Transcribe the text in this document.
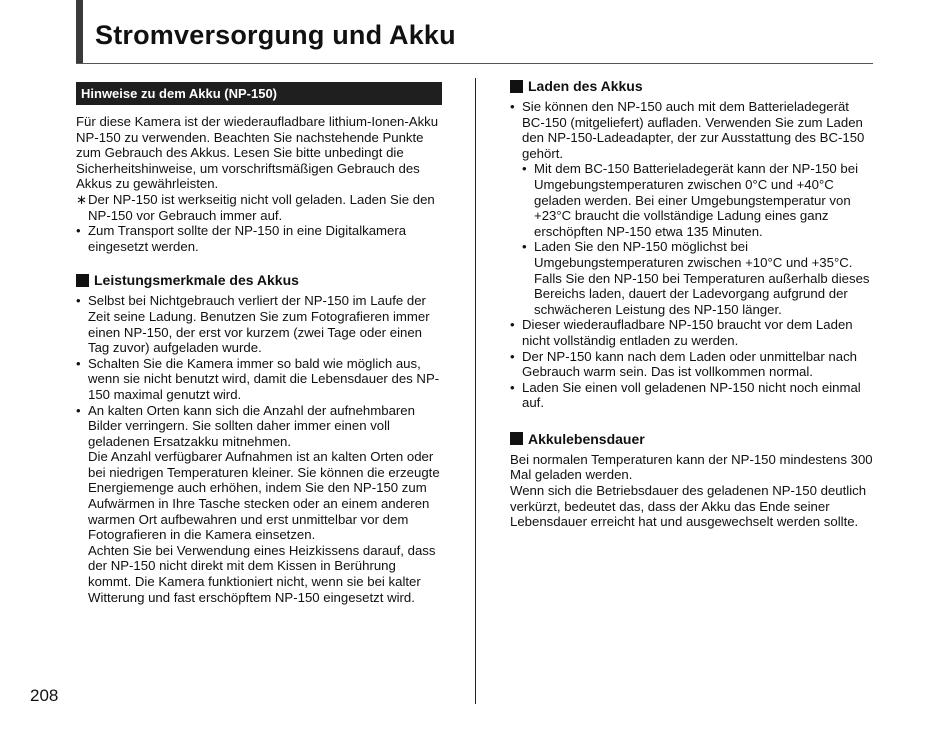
Stromversorgung und Akku
Hinweise zu dem Akku (NP-150)

Für diese Kamera ist der wiederaufladbare lithium-Ionen-Akku NP-150 zu verwenden. Beachten Sie nachstehende Punkte zum Gebrauch des Akkus. Lesen Sie bitte unbedingt die Sicherheitshinweise, um vorschriftsmäßigen Gebrauch des Akkus zu gewährleisten.

∗ Der NP-150 ist werkseitig nicht voll geladen. Laden Sie den NP-150 vor Gebrauch immer auf.
• Zum Transport sollte der NP-150 in eine Digitalkamera eingesetzt werden.
Leistungsmerkmale des Akkus
• Selbst bei Nichtgebrauch verliert der NP-150 im Laufe der Zeit seine Ladung. Benutzen Sie zum Fotografieren immer einen NP-150, der erst vor kurzem (zwei Tage oder einen Tag zuvor) aufgeladen wurde.

• Schalten Sie die Kamera immer so bald wie möglich aus, wenn sie nicht benutzt wird, damit die Lebensdauer des NP-150 maximal genutzt wird.

• An kalten Orten kann sich die Anzahl der aufnehmbaren Bilder verringern. Sie sollten daher immer einen voll geladenen Ersatzakku mitnehmen.

Die Anzahl verfügbarer Aufnahmen ist an kalten Orten oder bei niedrigen Temperaturen kleiner. Sie können die erzeugte Energiemenge auch erhöhen, indem Sie den NP-150 zum Aufwärmen in Ihre Tasche stecken oder an einem anderen warmen Ort aufbewahren und erst unmittelbar vor dem Fotografieren in die Kamera einsetzen.

Achten Sie bei Verwendung eines Heizkissens darauf, dass der NP-150 nicht direkt mit dem Kissen in Berührung kommt. Die Kamera funktioniert nicht, wenn sie bei kalter Witterung und fast erschöpftem NP-150 eingesetzt wird.

Laden des Akkus
• Sie können den NP-150 auch mit dem Batterieladegerät BC-150 (mitgeliefert) aufladen. Verwenden Sie zum Laden den NP-150-Ladeadapter, der zur Ausstattung des BC-150 gehört.
• Mit dem BC-150 Batterieladegerät kann der NP-150 bei Umgebungstemperaturen zwischen 0°C und +40°C geladen werden. Bei einer Umgebungstemperatur von +23°C braucht die vollständige Ladung eines ganz erschöpften NP-150 etwa 135 Minuten.
• Laden Sie den NP-150 möglichst bei Umgebungstemperaturen zwischen +10°C und +35°C. Falls Sie den NP-150 bei Temperaturen außerhalb dieses Bereichs laden, dauert der Ladevorgang aufgrund der schwächeren Leistung des NP-150 länger.
• Dieser wiederaufladbare NP-150 braucht vor dem Laden nicht vollständig entladen zu werden.
• Der NP-150 kann nach dem Laden oder unmittelbar nach Gebrauch warm sein. Das ist vollkommen normal.
• Laden Sie einen voll geladenen NP-150 nicht noch einmal auf.
Akkulebensdauer

Bei normalen Temperaturen kann der NP-150 mindestens 300 Mal geladen werden.

Wenn sich die Betriebsdauer des geladenen NP-150 deutlich verkürzt, bedeutet das, dass der Akku das Ende seiner Lebensdauer erreicht hat und ausgewechselt werden sollte.

208
